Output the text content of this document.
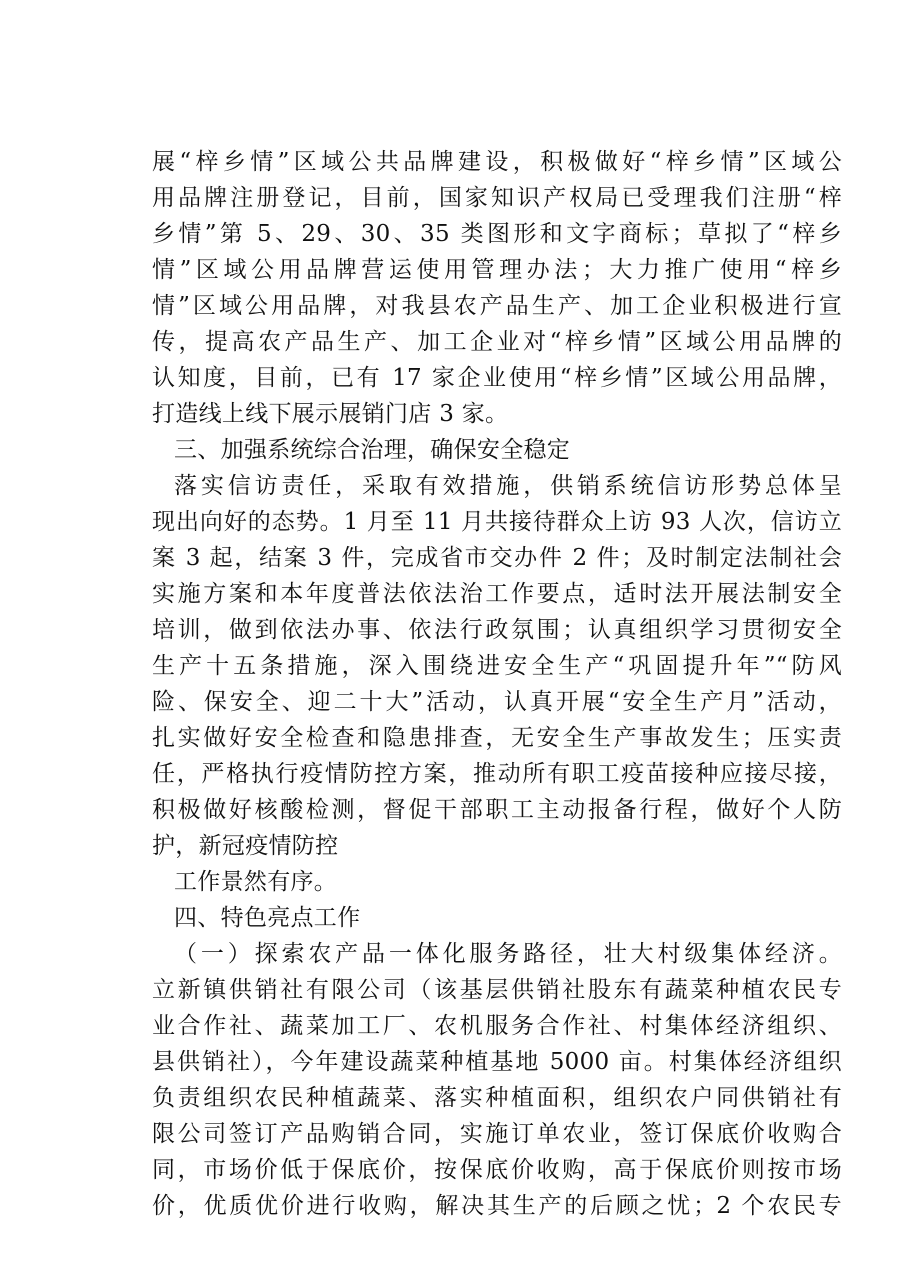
展“梓乡情”区域公共品牌建设，积极做好“梓乡情”区域公
用品牌注册登记，目前，国家知识产权局已受理我们注册“梓
乡情”第 5、29、30、35 类图形和文字商标；草拟了“梓乡
情”区域公用品牌营运使用管理办法；大力推广使用“梓乡
情”区域公用品牌，对我县农产品生产、加工企业积极进行宣
传，提高农产品生产、加工企业对“梓乡情”区域公用品牌的
认知度，目前，已有 17 家企业使用“梓乡情”区域公用品牌，
打造线上线下展示展销门店 3 家。
三、加强系统综合治理，确保安全稳定
落实信访责任，采取有效措施，供销系统信访形势总体呈
现出向好的态势。1 月至 11 月共接待群众上访 93 人次，信访立
案 3 起，结案 3 件，完成省市交办件 2 件；及时制定法制社会
实施方案和本年度普法依法治工作要点，适时法开展法制安全
培训，做到依法办事、依法行政氛围；认真组织学习贯彻安全
生产十五条措施，深入围绕进安全生产“巩固提升年”“防风
险、保安全、迎二十大”活动，认真开展“安全生产月”活动，
扎实做好安全检查和隐患排查，无安全生产事故发生；压实责
任，严格执行疫情防控方案，推动所有职工疫苗接种应接尽接，
积极做好核酸检测，督促干部职工主动报备行程，做好个人防
护，新冠疫情防控
工作景然有序。
四、特色亮点工作
（一）探索农产品一体化服务路径，壮大村级集体经济。
立新镇供销社有限公司（该基层供销社股东有蔬菜种植农民专
业合作社、蔬菜加工厂、农机服务合作社、村集体经济组织、
县供销社），今年建设蔬菜种植基地 5000 亩。村集体经济组织
负责组织农民种植蔬菜、落实种植面积，组织农户同供销社有
限公司签订产品购销合同，实施订单农业，签订保底价收购合
同，市场价低于保底价，按保底价收购，高于保底价则按市场
价，优质优价进行收购，解决其生产的后顾之忧；2 个农民专
